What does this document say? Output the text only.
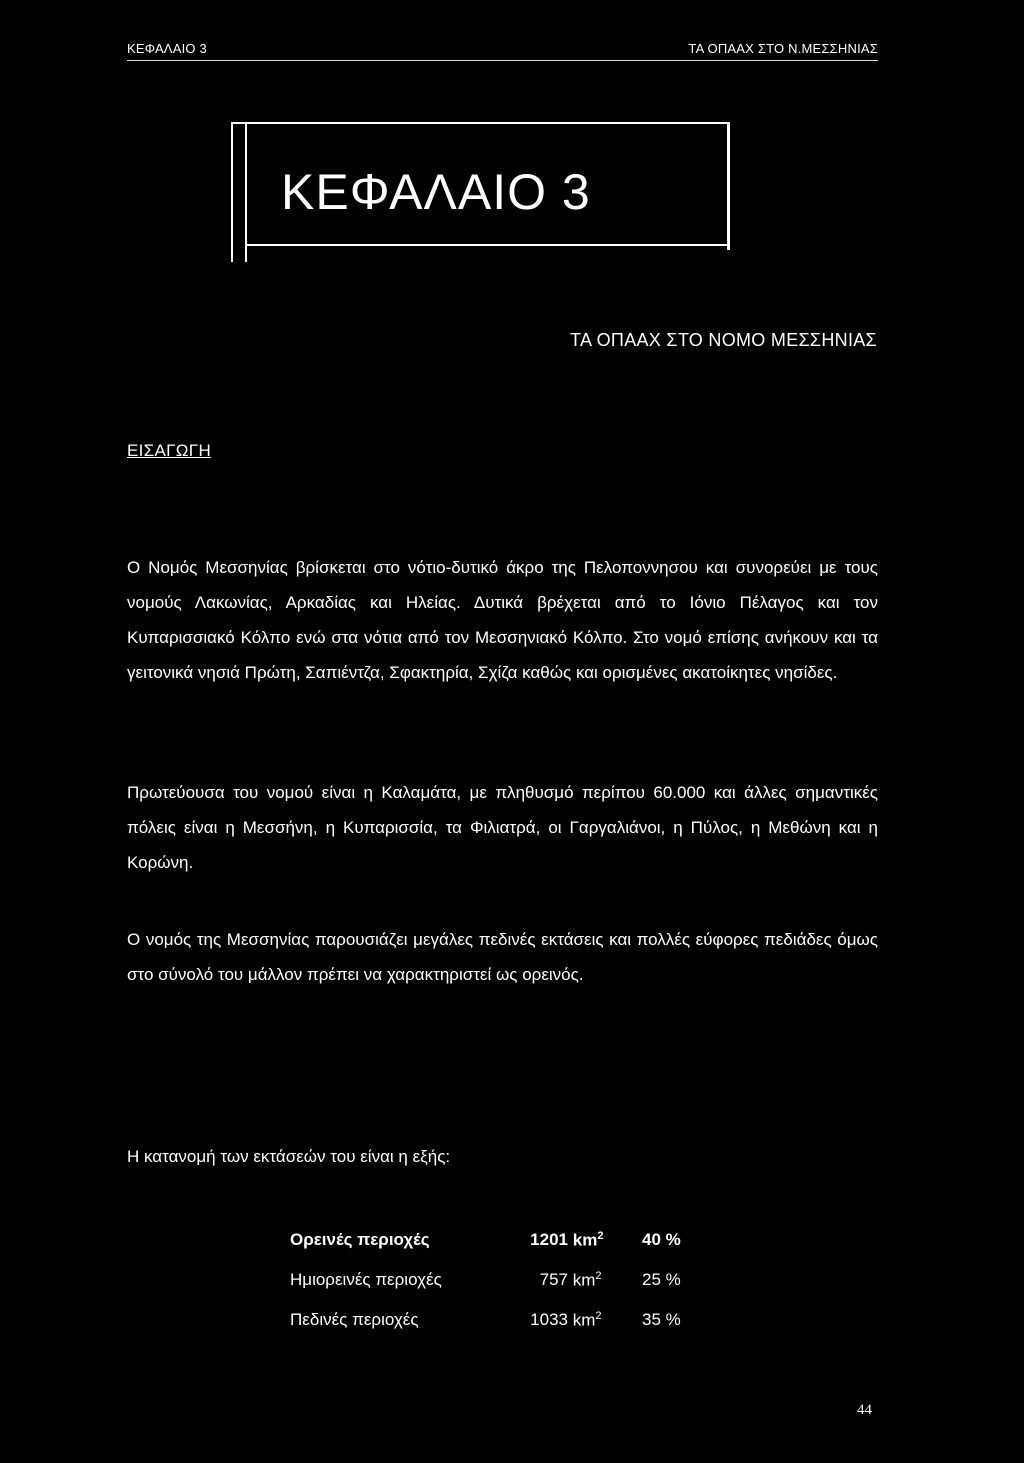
ΚΕΦΑΛΑΙΟ 3	ΤΑ ΟΠΑΑΧ ΣΤΟ Ν.ΜΕΣΣΗΝΙΑΣ
ΚΕΦΑΛΑΙΟ 3
ΤΑ ΟΠΑΑΧ ΣΤΟ ΝΟΜΟ ΜΕΣΣΗΝΙΑΣ
ΕΙΣΑΓΩΓΗ

Ο Νομός Μεσσηνίας βρίσκεται στο νότιο-δυτικό άκρο της Πελοποννησου και συνορεύει με τους νομούς Λακωνίας, Αρκαδίας και Ηλείας. Δυτικά βρέχεται από το Ιόνιο Πέλαγος και τον Κυπαρισσιακό Κόλπο ενώ στα νότια από τον Μεσσηνιακό Κόλπο. Στο νομό επίσης ανήκουν και τα γειτονικά νησιά Πρώτη, Σαπιέντζα, Σφακτηρία, Σχίζα καθώς και ορισμένες ακατοίκητες νησίδες.

Πρωτεύουσα του νομού είναι η Καλαμάτα, με πληθυσμό περίπου 60.000 και άλλες σημαντικές πόλεις είναι η Μεσσήνη, η Κυπαρισσία, τα Φιλιατρά, οι Γαργαλιάνοι, η Πύλος, η Μεθώνη και η Κορώνη.

Ο νομός της Μεσσηνίας παρουσιάζει μεγάλες πεδινές εκτάσεις και πολλές εύφορες πεδιάδες όμως στο σύνολό του μάλλον πρέπει να χαρακτηριστεί ως ορεινός.

Η κατανομή των εκτάσεών του είναι η εξής:
Ορεινές περιοχές	1201 $km^2$	40 %
Ημιορεινές περιοχές	757 $km^2$	25 %
Πεδινές περιοχές	1033 $km^2$	35 %
44
